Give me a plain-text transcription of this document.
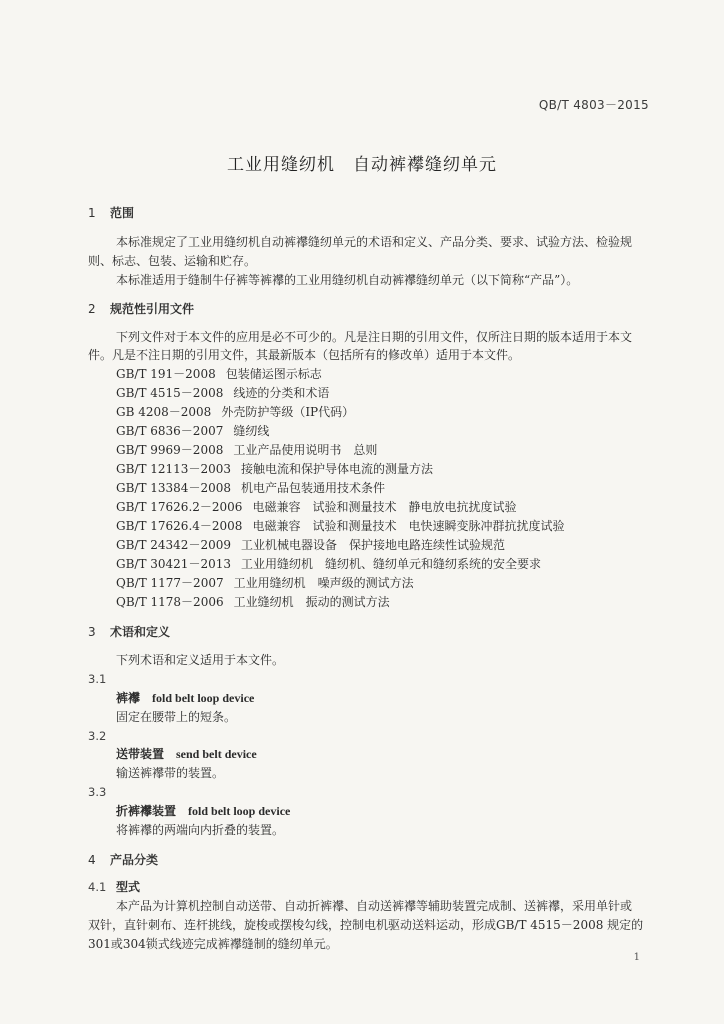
QB/T 4803－2015
工业用缝纫机　自动裤襻缝纫单元
1 范围
本标准规定了工业用缝纫机自动裤襻缝纫单元的术语和定义、产品分类、要求、试验方法、检验规
则、标志、包装、运输和贮存。
本标准适用于缝制牛仔裤等裤襻的工业用缝纫机自动裤襻缝纫单元（以下简称“产品”）。
2 规范性引用文件
下列文件对于本文件的应用是必不可少的。凡是注日期的引用文件，仅所注日期的版本适用于本文
件。凡是不注日期的引用文件，其最新版本（包括所有的修改单）适用于本文件。
GB/T 191－2008 包装储运图示标志
GB/T 4515－2008 线迹的分类和术语
GB 4208－2008 外壳防护等级（IP代码）
GB/T 6836－2007 缝纫线
GB/T 9969－2008 工业产品使用说明书　总则
GB/T 12113－2003 接触电流和保护导体电流的测量方法
GB/T 13384－2008 机电产品包装通用技术条件
GB/T 17626.2－2006 电磁兼容　试验和测量技术　静电放电抗扰度试验
GB/T 17626.4－2008 电磁兼容　试验和测量技术　电快速瞬变脉冲群抗扰度试验
GB/T 24342－2009 工业机械电器设备　保护接地电路连续性试验规范
GB/T 30421－2013 工业用缝纫机　缝纫机、缝纫单元和缝纫系统的安全要求
QB/T 1177－2007 工业用缝纫机　噪声级的测试方法
QB/T 1178－2006 工业缝纫机　振动的测试方法
3 术语和定义
下列术语和定义适用于本文件。
3.1
裤襻 fold belt loop device
固定在腰带上的短条。
3.2
送带装置 send belt device
输送裤襻带的装置。
3.3
折裤襻装置 fold belt loop device
将裤襻的两端向内折叠的装置。
4 产品分类
4.1 型式
本产品为计算机控制自动送带、自动折裤襻、自动送裤襻等辅助装置完成制、送裤襻，采用单针或
双针，直针刺布、连杆挑线，旋梭或摆梭勾线，控制电机驱动送料运动，形成GB/T 4515－2008 规定的
301或304锁式线迹完成裤襻缝制的缝纫单元。
1
